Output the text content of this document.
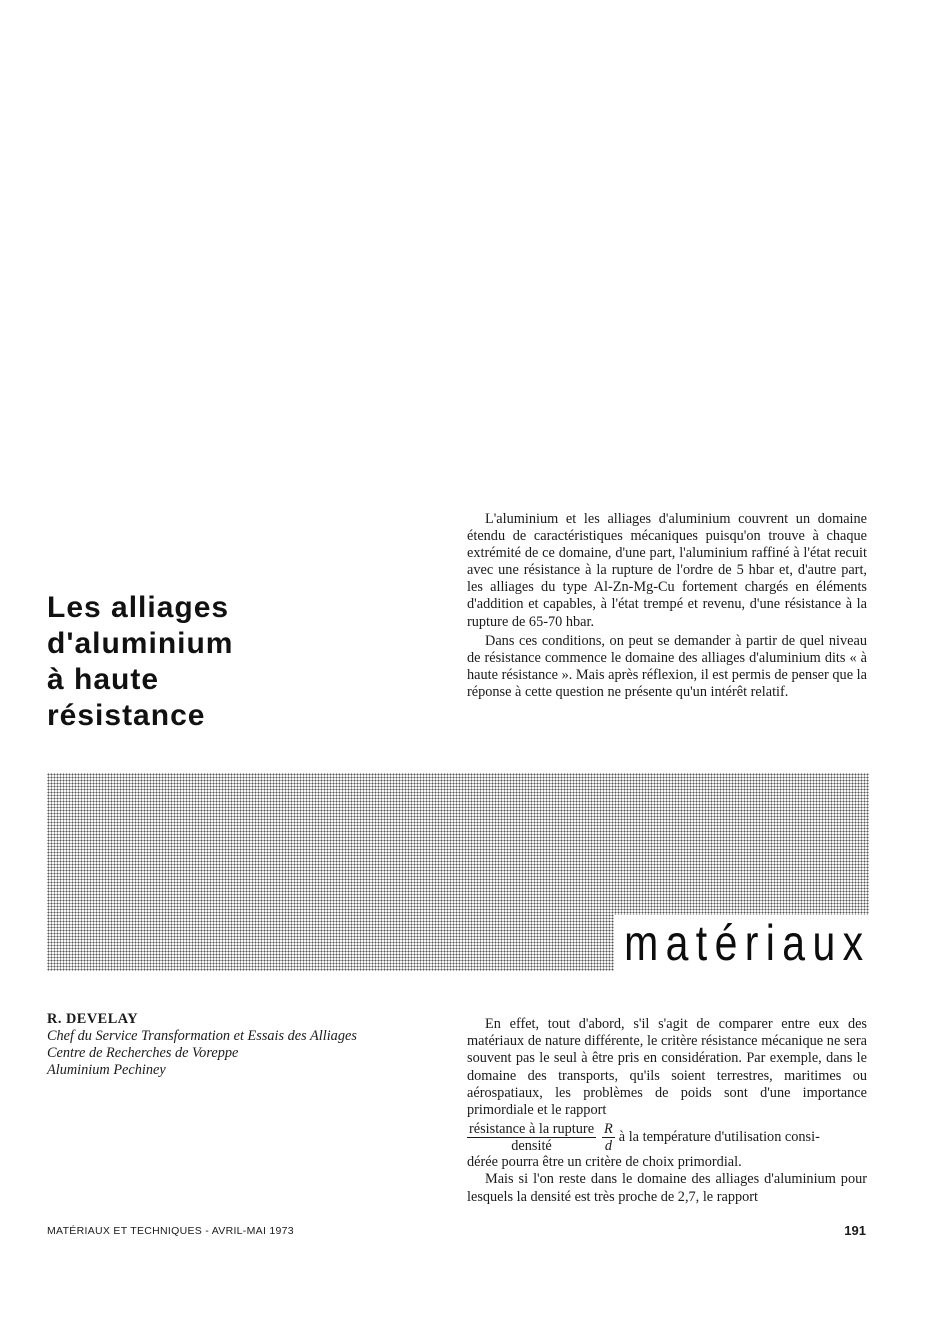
Les alliages
d'aluminium
à haute
résistance

L'aluminium et les alliages d'aluminium couvrent un domaine étendu de caractéristiques mécaniques puisqu'on trouve à chaque extrémité de ce domaine, d'une part, l'aluminium raffiné à l'état recuit avec une résistance à la rupture de l'ordre de 5 hbar et, d'autre part, les alliages du type Al-Zn-Mg-Cu fortement chargés en éléments d'addition et capables, à l'état trempé et revenu, d'une résistance à la rupture de 65-70 hbar.

Dans ces conditions, on peut se demander à partir de quel niveau de résistance commence le domaine des alliages d'aluminium dits « à haute résistance ». Mais après réflexion, il est permis de penser que la réponse à cette question ne présente qu'un intérêt relatif.

matériaux
R. DEVELAY
Chef du Service Transformation et Essais des Alliages
Centre de Recherches de Voreppe
Aluminium Pechiney

En effet, tout d'abord, s'il s'agit de comparer entre eux des matériaux de nature différente, le critère résistance mécanique ne sera souvent pas le seul à être pris en considération. Par exemple, dans le domaine des transports, qu'ils soient terrestres, maritimes ou aérospatiaux, les problèmes de poids sont d'une importance primordiale et le rapport

$\frac{\text{résistance à la rupture}}{\text{densité}} \frac{R}{d}$ à la température d'utilisation consi-
dérée pourra être un critère de choix primordial.

Mais si l'on reste dans le domaine des alliages d'aluminium pour lesquels la densité est très proche de 2,7, le rapport

MATÉRIAUX ET TECHNIQUES - AVRIL-MAI 1973	191
